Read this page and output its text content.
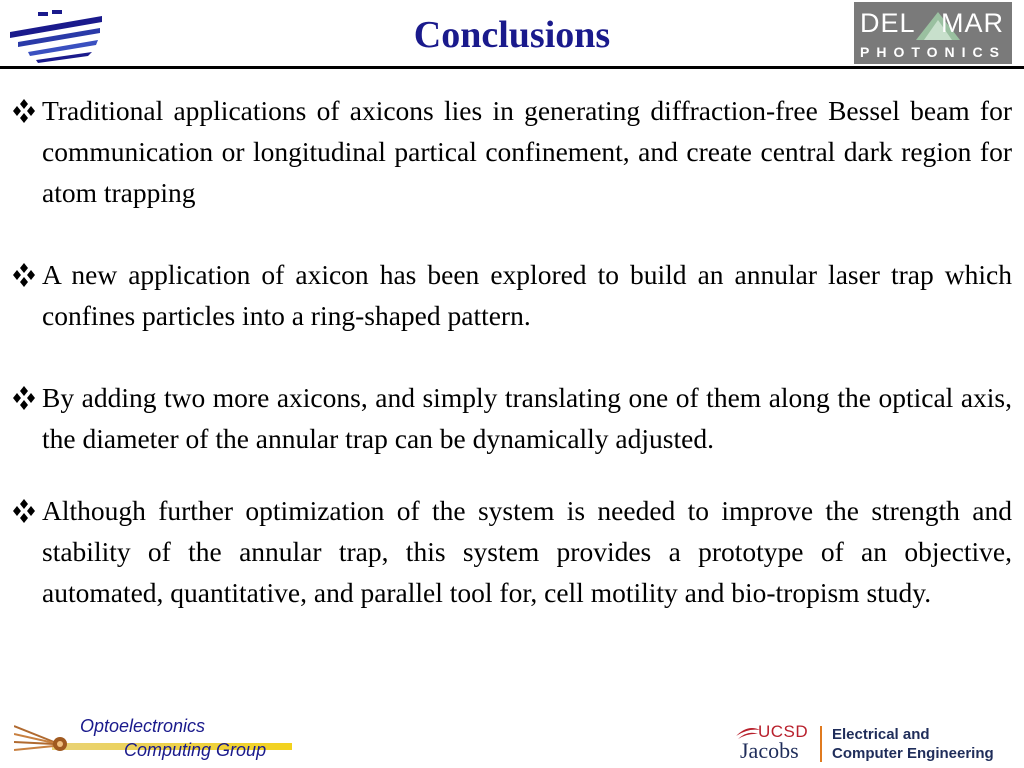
Conclusions	DEL MAR
PHOTONICS

Traditional applications of axicons lies in generating diffraction-free Bessel beam for communication or longitudinal partical confinement, and create central dark region for atom trapping

A new application of axicon has been explored to build an annular laser trap which confines particles into a ring-shaped pattern.

By adding two more axicons, and simply translating one of them along the optical axis, the diameter of the annular trap can be dynamically adjusted.

Although further optimization of the system is needed to improve the strength and stability of the annular trap, this system provides a prototype of an objective, automated, quantitative, and parallel tool for, cell motility and bio-tropism study.

Optoelectronics
Computing Group
UCSD
Jacobs
Electrical and
Computer Engineering
